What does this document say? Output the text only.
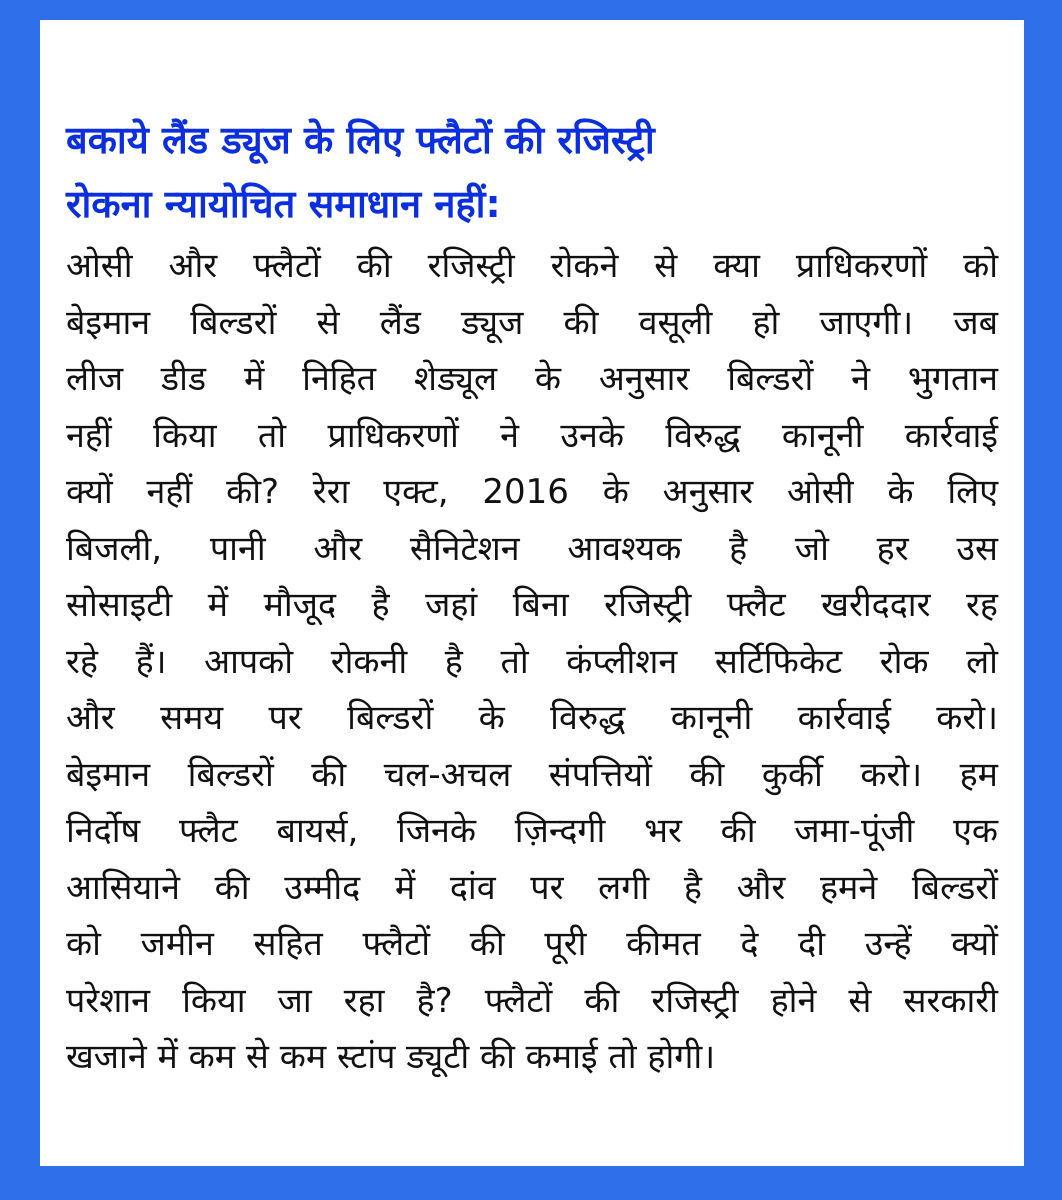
बकाये लैंड ड्यूज के लिए फ्लैटों की रजिस्ट्री
रोकना न्यायोचित समाधान नहीं:
ओसी और फ्लैटों की रजिस्ट्री रोकने से क्या प्राधिकरणों को
बेइमान बिल्डरों से लैंड ड्यूज की वसूली हो जाएगी। जब
लीज डीड में निहित शेड्यूल के अनुसार बिल्डरों ने भुगतान
नहीं किया तो प्राधिकरणों ने उनके विरुद्ध कानूनी कार्रवाई
क्यों नहीं की? रेरा एक्ट, 2016 के अनुसार ओसी के लिए
बिजली, पानी और सैनिटेशन आवश्यक है जो हर उस
सोसाइटी में मौजूद है जहां बिना रजिस्ट्री फ्लैट खरीददार रह
रहे हैं। आपको रोकनी है तो कंप्लीशन सर्टिफिकेट रोक लो
और समय पर बिल्डरों के विरुद्ध कानूनी कार्रवाई करो।
बेइमान बिल्डरों की चल-अचल संपत्तियों की कुर्की करो। हम
निर्दोष फ्लैट बायर्स, जिनके ज़िन्दगी भर की जमा-पूंजी एक
आसियाने की उम्मीद में दांव पर लगी है और हमने बिल्डरों
को जमीन सहित फ्लैटों की पूरी कीमत दे दी उन्हें क्यों
परेशान किया जा रहा है? फ्लैटों की रजिस्ट्री होने से सरकारी
खजाने में कम से कम स्टांप ड्यूटी की कमाई तो होगी।
